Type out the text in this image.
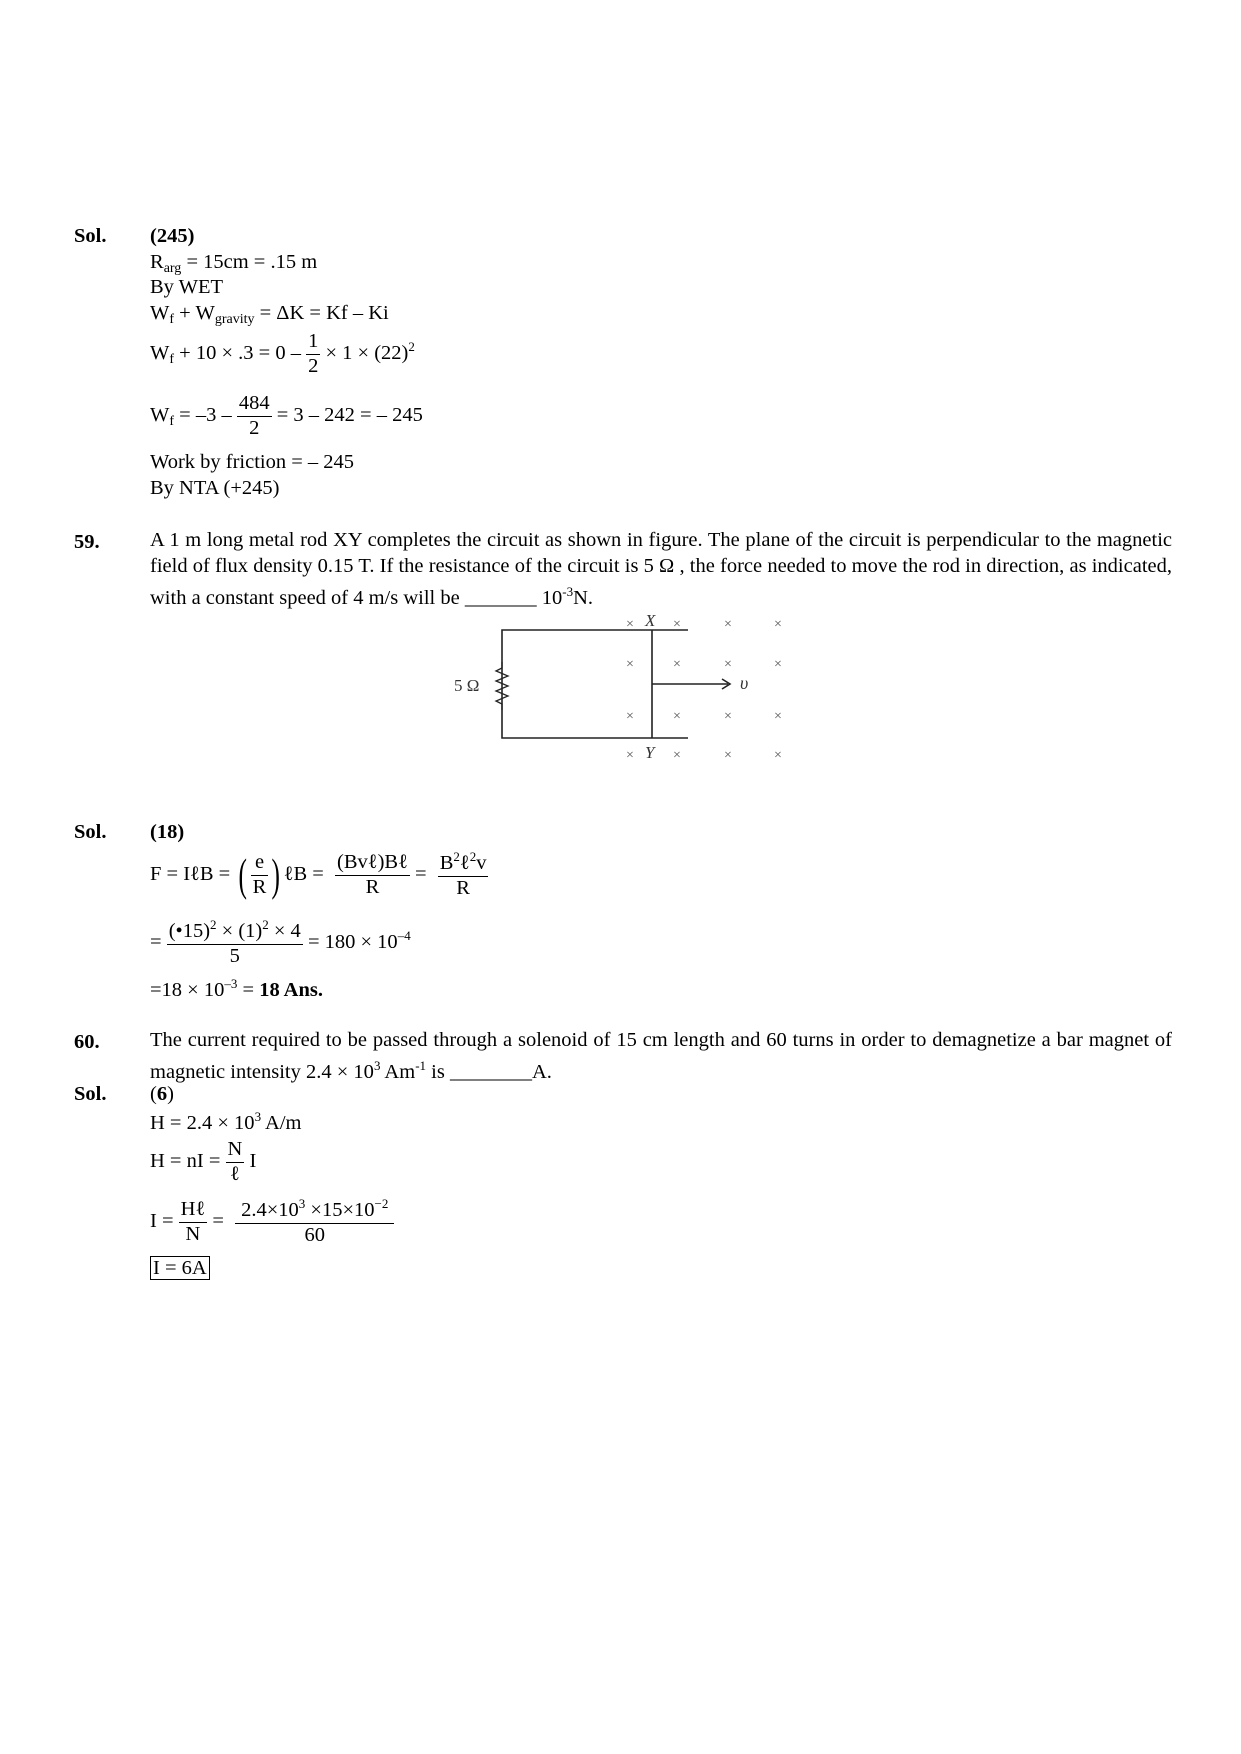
Sol. (245)
$R_{arg} = 15cm = .15$ m
By WET
$W_f + W_{gravity} = \Delta K = Kf - Ki$
$W_f + 10 \times .3 = 0 - \frac{1}{2} \times 1 \times (22)^2$
$W_f = -3 - \frac{484}{2} = 3 - 242$ = – 245
Work by friction = – 245
By NTA (+245)
59. A 1 m long metal rod XY completes the circuit as shown in figure. The plane of the circuit is perpendicular to the magnetic field of flux density 0.15 T. If the resistance of the circuit is 5 Ω , the force needed to move the rod in direction, as indicated, with a constant speed of 4 m/s will be _______ $10^{-3}N$.
5 Ω
X
Y
υ
×	×	×	×
×	×	×	×
×	×	×	×
×	×	×	×
Sol. (18)
F = IℓB = ( $\frac{e}{R}$ ) ℓB = $\frac{\text{(Bvℓ)Bℓ}}{R} = \frac{B^2\ell^2v}{R}$
= $\frac{(•15)^2 \times (1)^2 \times 4}{5} = 180 \times 10^{-4}$
$=18 \times 10^{-3} = 18$ Ans.
60. The current required to be passed through a solenoid of 15 cm length and 60 turns in order to demagnetize a bar magnet of magnetic intensity $2.4 \times 10^3$ $Am^{-1}$ is ________A.
Sol. (6)
$H = 2.4 \times 10^3$ A/m
H = nI = $\frac{N}{\text{ℓ}}$ I
$I = \frac{\text{Hℓ}}{N} = \frac{2.4\times 10^3 \times 15\times 10^{-2}}{60}$
I = 6A
